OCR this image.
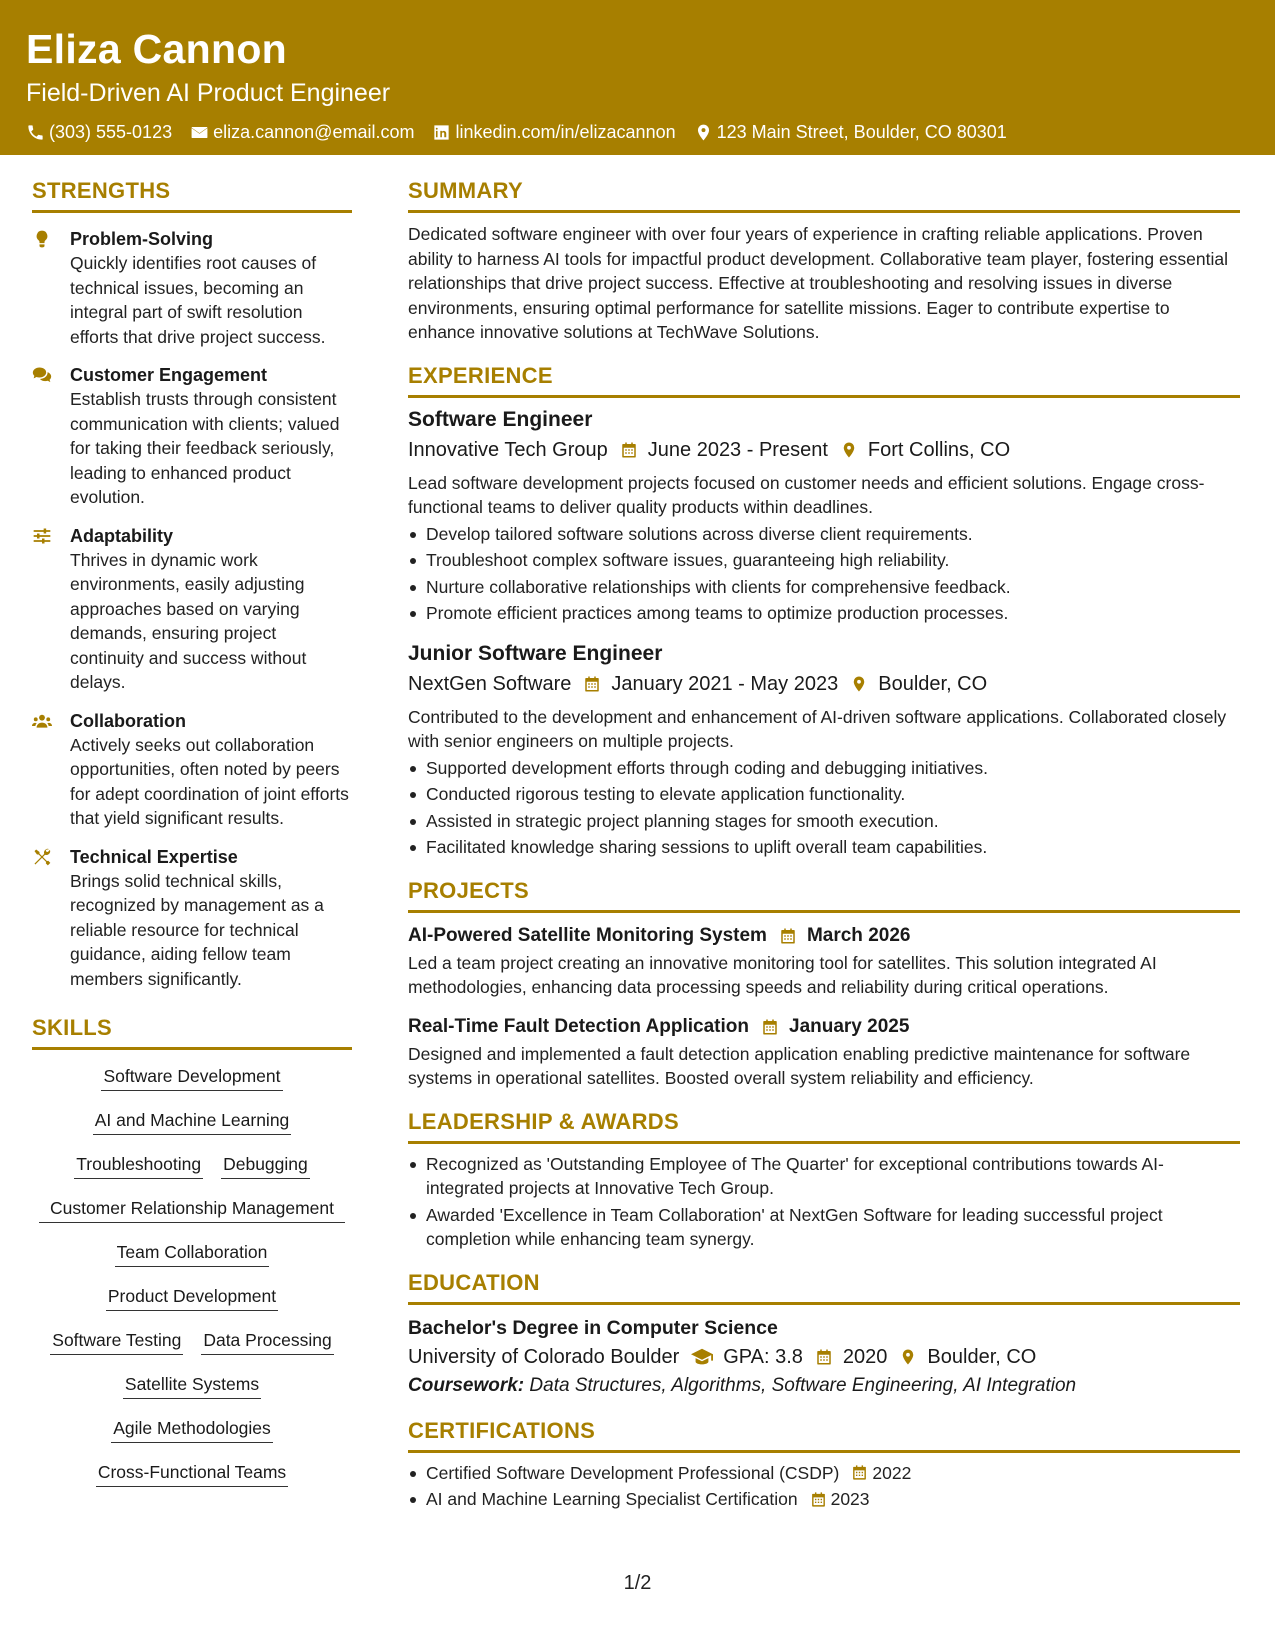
Eliza Cannon
Field-Driven AI Product Engineer
(303) 555-0123 eliza.cannon@email.com linkedin.com/in/elizacannon 123 Main Street, Boulder, CO 80301
STRENGTHS
Problem-Solving
Quickly identifies root causes of technical issues, becoming an integral part of swift resolution efforts that drive project success.
Customer Engagement
Establish trusts through consistent communication with clients; valued for taking their feedback seriously, leading to enhanced product evolution.
Adaptability
Thrives in dynamic work environments, easily adjusting approaches based on varying demands, ensuring project continuity and success without delays.
Collaboration
Actively seeks out collaboration opportunities, often noted by peers for adept coordination of joint efforts that yield significant results.
Technical Expertise
Brings solid technical skills, recognized by management as a reliable resource for technical guidance, aiding fellow team members significantly.
SKILLS
Software Development
AI and Machine Learning
Troubleshooting Debugging
Customer Relationship Management
Team Collaboration
Product Development
Software Testing Data Processing
Satellite Systems
Agile Methodologies
Cross-Functional Teams
SUMMARY
Dedicated software engineer with over four years of experience in crafting reliable applications. Proven ability to harness AI tools for impactful product development. Collaborative team player, fostering essential relationships that drive project success. Effective at troubleshooting and resolving issues in diverse environments, ensuring optimal performance for satellite missions. Eager to contribute expertise to enhance innovative solutions at TechWave Solutions.
EXPERIENCE
Software Engineer
Innovative Tech Group June 2023 - Present Fort Collins, CO
Lead software development projects focused on customer needs and efficient solutions. Engage cross-functional teams to deliver quality products within deadlines.
Develop tailored software solutions across diverse client requirements.
Troubleshoot complex software issues, guaranteeing high reliability.
Nurture collaborative relationships with clients for comprehensive feedback.
Promote efficient practices among teams to optimize production processes.
Junior Software Engineer
NextGen Software January 2021 - May 2023 Boulder, CO
Contributed to the development and enhancement of AI-driven software applications. Collaborated closely with senior engineers on multiple projects.
Supported development efforts through coding and debugging initiatives.
Conducted rigorous testing to elevate application functionality.
Assisted in strategic project planning stages for smooth execution.
Facilitated knowledge sharing sessions to uplift overall team capabilities.
PROJECTS
AI-Powered Satellite Monitoring System March 2026
Led a team project creating an innovative monitoring tool for satellites. This solution integrated AI methodologies, enhancing data processing speeds and reliability during critical operations.
Real-Time Fault Detection Application January 2025
Designed and implemented a fault detection application enabling predictive maintenance for software systems in operational satellites. Boosted overall system reliability and efficiency.
LEADERSHIP & AWARDS
Recognized as 'Outstanding Employee of The Quarter' for exceptional contributions towards AI-integrated projects at Innovative Tech Group.
Awarded 'Excellence in Team Collaboration' at NextGen Software for leading successful project completion while enhancing team synergy.
EDUCATION
Bachelor's Degree in Computer Science
University of Colorado Boulder GPA: 3.8 2020 Boulder, CO
Coursework: Data Structures, Algorithms, Software Engineering, AI Integration
CERTIFICATIONS
Certified Software Development Professional (CSDP) 2022
AI and Machine Learning Specialist Certification 2023
1/2
